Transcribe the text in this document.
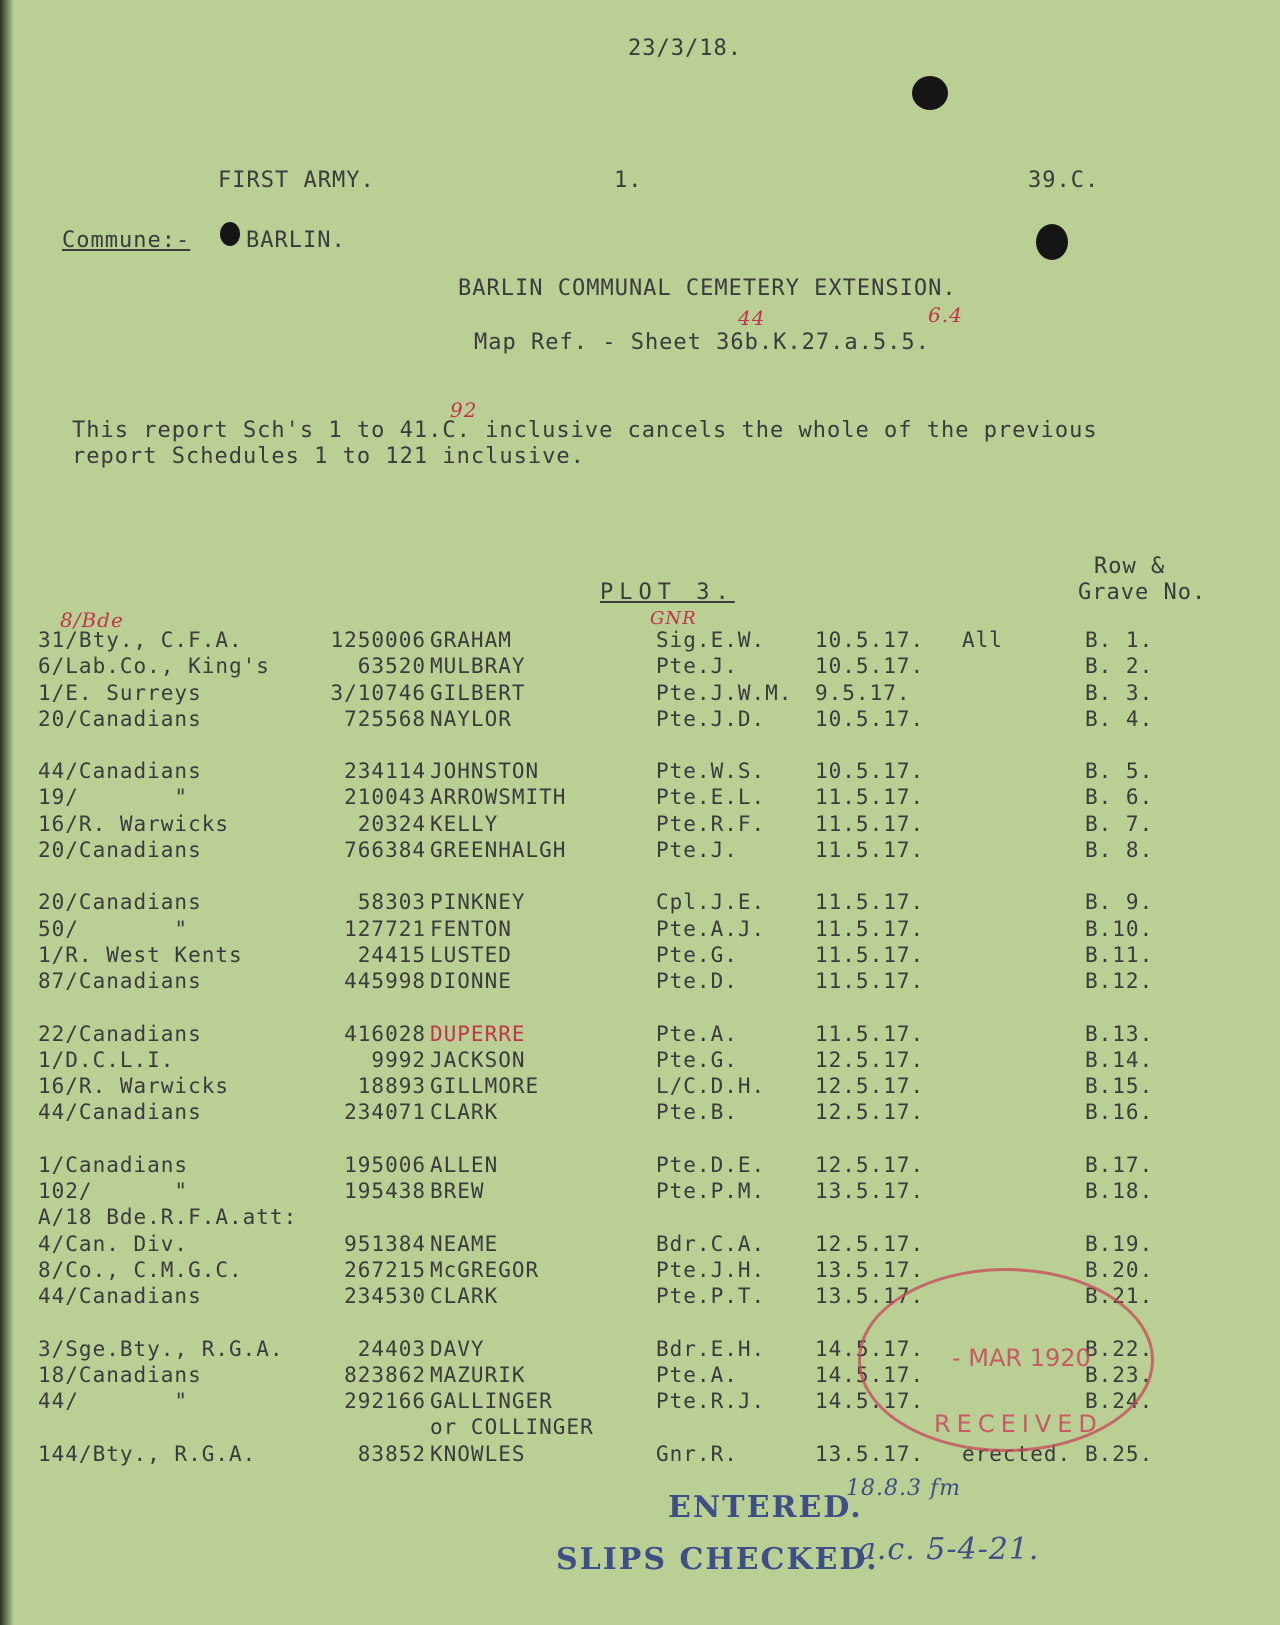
23/3/18.
FIRST ARMY.	1.	39.C.
Commune:-	BARLIN.
BARLIN COMMUNAL CEMETERY EXTENSION.
44	6.4
Map Ref. - Sheet 36b.K.27.a.5.5.
92
This report Sch's 1 to 41.C. inclusive cancels the whole of the previous
report Schedules 1 to 121 inclusive.
Row &
Grave No.
PLOT 3.
8/Bde	GNR
31/Bty., C.F.A.	1250006 GRAHAM	Sig.E.W. 10.5.17. All	B. 1.
6/Lab.Co., King's	63520 MULBRAY	Pte.J.	10.5.17.	B. 2.
1/E. Surreys	3/10746 GILBERT	Pte.J.W.M. 9.5.17.	B. 3.
20/Canadians	725568 NAYLOR	Pte.J.D. 10.5.17.	B. 4.
44/Canadians	234114 JOHNSTON	Pte.W.S. 10.5.17.	B. 5.
19/       "	210043 ARROWSMITH	Pte.E.L. 11.5.17.	B. 6.
16/R. Warwicks	20324 KELLY	Pte.R.F. 11.5.17.	B. 7.
20/Canadians	766384 GREENHALGH	Pte.J.	11.5.17.	B. 8.
20/Canadians	58303 PINKNEY	Cpl.J.E. 11.5.17.	B. 9.
50/       "	127721 FENTON	Pte.A.J. 11.5.17.	B.10.
1/R. West Kents	24415 LUSTED	Pte.G.	11.5.17.	B.11.
87/Canadians	445998 DIONNE	Pte.D.	11.5.17.	B.12.
22/Canadians	416028 DUPERRE	Pte.A.	11.5.17.	B.13.
1/D.C.L.I.	9992 JACKSON	Pte.G.	12.5.17.	B.14.
16/R. Warwicks	18893 GILLMORE	L/C.D.H. 12.5.17.	B.15.
44/Canadians	234071 CLARK	Pte.B.	12.5.17.	B.16.
1/Canadians	195006 ALLEN	Pte.D.E. 12.5.17.	B.17.
102/      "	195438 BREW	Pte.P.M. 13.5.17.	B.18.
A/18 Bde.R.F.A.att:
4/Can. Div.	951384 NEAME	Bdr.C.A. 12.5.17.	B.19.
8/Co., C.M.G.C.	267215 McGREGOR	Pte.J.H. 13.5.17.	B.20.
44/Canadians	234530 CLARK	Pte.P.T. 13.5.17.	B.21.
3/Sge.Bty., R.G.A.	24403 DAVY	Bdr.E.H. 14.5.17.	B.22.
18/Canadians	823862 MAZURIK	Pte.A.	14.5.17.	B.23.
44/       "	292166 GALLINGER	Pte.R.J. 14.5.17.	B.24.
or COLLINGER
144/Bty., R.G.A.	83852 KNOWLES	Gnr.R.	13.5.17. erected. B.25.
- MAR 1920
RECEIVED
ENTERED.
18.8.3 fm
SLIPS CHECKED.
a.c. 5-4-21.
